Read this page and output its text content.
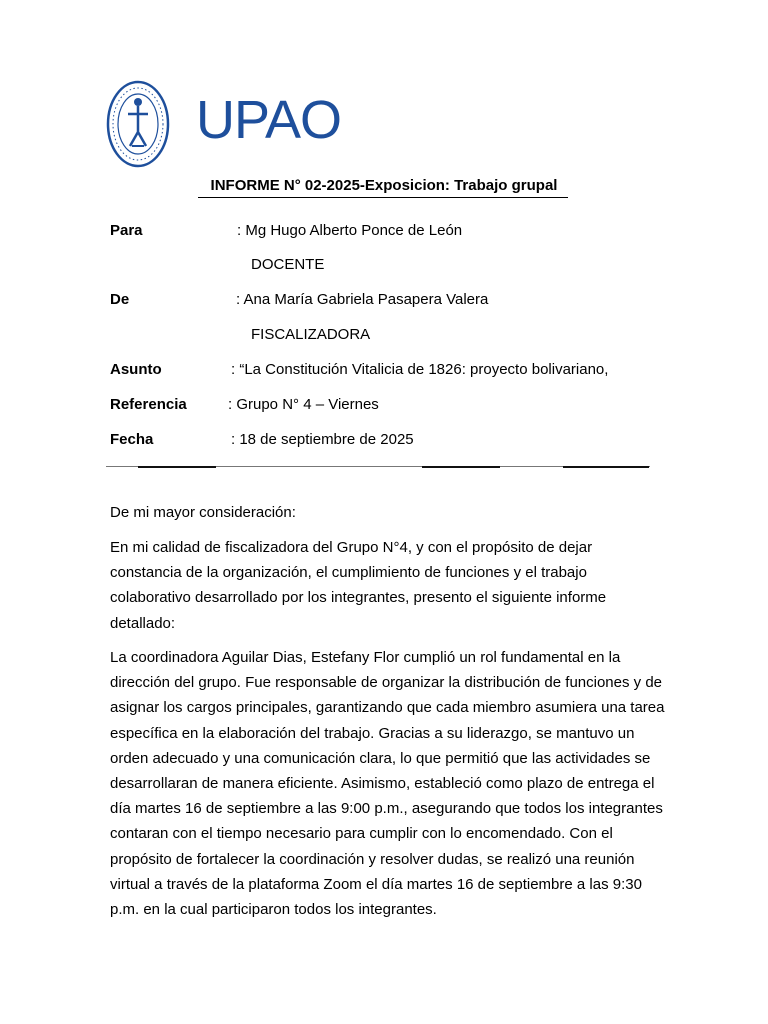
UPAO
INFORME N° 02-2025-Exposicion: Trabajo grupal
Para	: Mg Hugo Alberto Ponce de León
DOCENTE
De	: Ana María Gabriela Pasapera Valera
FISCALIZADORA
Asunto	: “La Constitución Vitalicia de 1826: proyecto bolivariano,
Referencia	: Grupo N° 4 – Viernes
Fecha	: 18 de septiembre de 2025

De mi mayor consideración:

En mi calidad de fiscalizadora del Grupo N°4, y con el propósito de dejar constancia de la organización, el cumplimiento de funciones y el trabajo colaborativo desarrollado por los integrantes, presento el siguiente informe detallado:

La coordinadora Aguilar Dias, Estefany Flor cumplió un rol fundamental en la dirección del grupo. Fue responsable de organizar la distribución de funciones y de asignar los cargos principales, garantizando que cada miembro asumiera una tarea específica en la elaboración del trabajo. Gracias a su liderazgo, se mantuvo un orden adecuado y una comunicación clara, lo que permitió que las actividades se desarrollaran de manera eficiente. Asimismo, estableció como plazo de entrega el día martes 16 de septiembre a las 9:00 p.m., asegurando que todos los integrantes contaran con el tiempo necesario para cumplir con lo encomendado. Con el propósito de fortalecer la coordinación y resolver dudas, se realizó una reunión virtual a través de la plataforma Zoom el día martes 16 de septiembre a las 9:30 p.m. en la cual participaron todos los integrantes.
